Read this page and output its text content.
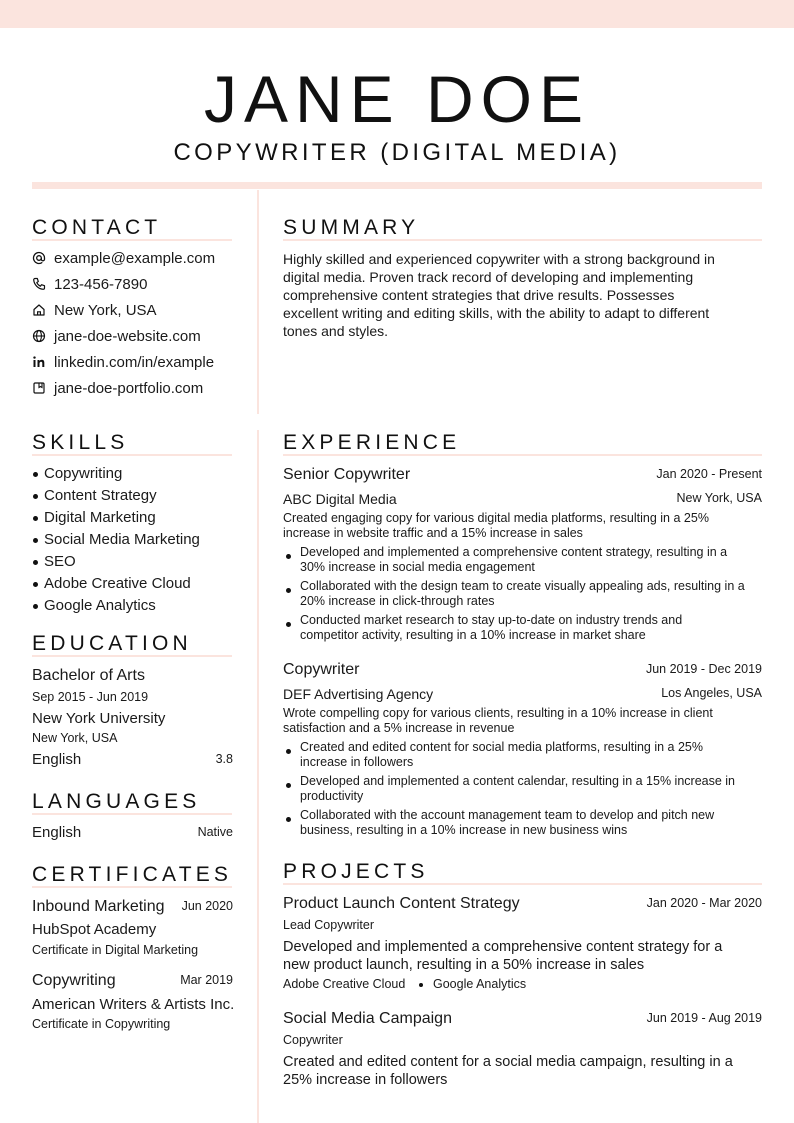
JANE DOE
COPYWRITER (DIGITAL MEDIA)
CONTACT
example@example.com
123-456-7890
New York, USA
jane-doe-website.com
linkedin.com/in/example
jane-doe-portfolio.com
SKILLS
Copywriting
Content Strategy
Digital Marketing
Social Media Marketing
SEO
Adobe Creative Cloud
Google Analytics
EDUCATION
Bachelor of Arts
Sep 2015 - Jun 2019
New York University
New York, USA
English	3.8
LANGUAGES
English	Native
CERTIFICATES
Inbound Marketing	Jun 2020
HubSpot Academy
Certificate in Digital Marketing
Copywriting	Mar 2019
American Writers & Artists Inc.
Certificate in Copywriting
SUMMARY
Highly skilled and experienced copywriter with a strong background in
digital media. Proven track record of developing and implementing
comprehensive content strategies that drive results. Possesses
excellent writing and editing skills, with the ability to adapt to different
tones and styles.
EXPERIENCE
Senior Copywriter	Jan 2020 - Present
ABC Digital Media	New York, USA
Created engaging copy for various digital media platforms, resulting in a 25%
increase in website traffic and a 15% increase in sales
Developed and implemented a comprehensive content strategy, resulting in a
30% increase in social media engagement
Collaborated with the design team to create visually appealing ads, resulting in a
20% increase in click-through rates
Conducted market research to stay up-to-date on industry trends and
competitor activity, resulting in a 10% increase in market share
Copywriter	Jun 2019 - Dec 2019
DEF Advertising Agency	Los Angeles, USA
Wrote compelling copy for various clients, resulting in a 10% increase in client
satisfaction and a 5% increase in revenue
Created and edited content for social media platforms, resulting in a 25%
increase in followers
Developed and implemented a content calendar, resulting in a 15% increase in
productivity
Collaborated with the account management team to develop and pitch new
business, resulting in a 10% increase in new business wins
PROJECTS
Product Launch Content Strategy	Jan 2020 - Mar 2020
Lead Copywriter
Developed and implemented a comprehensive content strategy for a
new product launch, resulting in a 50% increase in sales
Adobe Creative Cloud Google Analytics
Social Media Campaign	Jun 2019 - Aug 2019
Copywriter
Created and edited content for a social media campaign, resulting in a
25% increase in followers
